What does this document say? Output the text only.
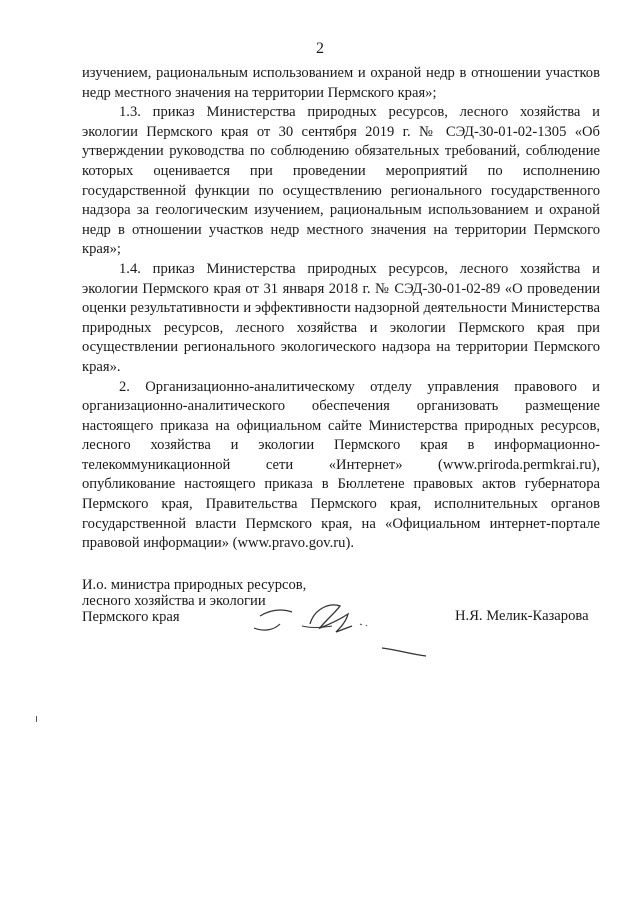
2

изучением, рациональным использованием и охраной недр в отношении участков недр местного значения на территории Пермского края»;

1.3. приказ Министерства природных ресурсов, лесного хозяйства и экологии Пермского края от 30 сентября 2019 г. № СЭД-30-01-02-1305 «Об утверждении руководства по соблюдению обязательных требований, соблюдение которых оценивается при проведении мероприятий по исполнению государственной функции по осуществлению регионального государственного надзора за геологическим изучением, рациональным использованием и охраной недр в отношении участков недр местного значения на территории Пермского края»;

1.4. приказ Министерства природных ресурсов, лесного хозяйства и экологии Пермского края от 31 января 2018 г. № СЭД-30-01-02-89 «О проведении оценки результативности и эффективности надзорной деятельности Министерства природных ресурсов, лесного хозяйства и экологии Пермского края при осуществлении регионального экологического надзора на территории Пермского края».

2. Организационно-аналитическому отделу управления правового и организационно-аналитического обеспечения организовать размещение настоящего приказа на официальном сайте Министерства природных ресурсов, лесного хозяйства и экологии Пермского края в информационно-телекоммуникационной сети «Интернет» (www.priroda.permkrai.ru), опубликование настоящего приказа в Бюллетене правовых актов губернатора Пермского края, Правительства Пермского края, исполнительных органов государственной власти Пермского края, на «Официальном интернет-портале правовой информации» (www.pravo.gov.ru).

И.о. министра природных ресурсов,
лесного хозяйства и экологии
Пермского края	Н.Я. Мелик-Казарова
